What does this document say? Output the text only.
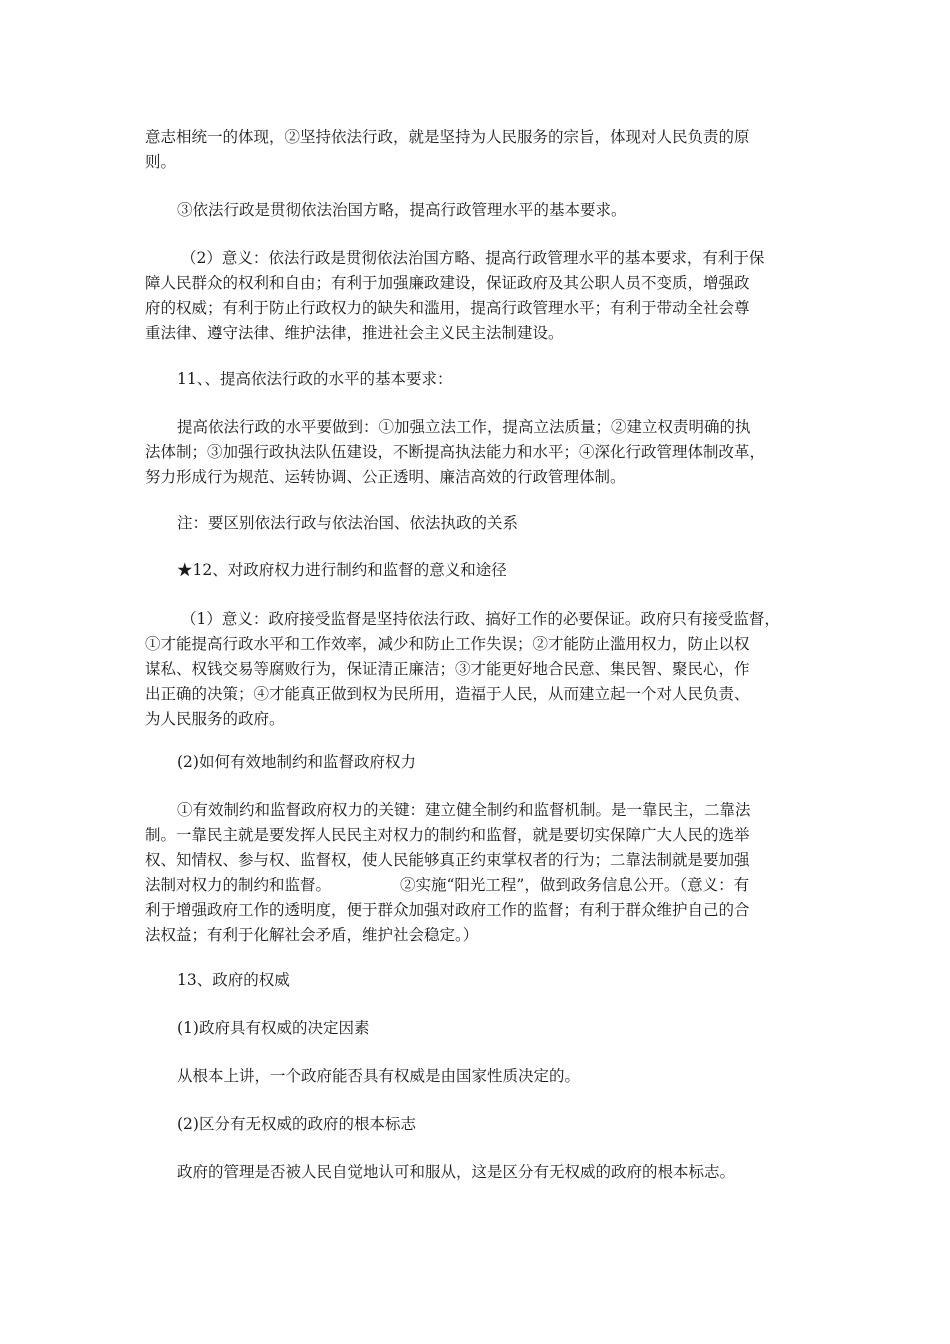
意志相统一的体现，②坚持依法行政，就是坚持为人民服务的宗旨，体现对人民负责的原
则。
③依法行政是贯彻依法治国方略，提高行政管理水平的基本要求。
（2）意义：依法行政是贯彻依法治国方略、提高行政管理水平的基本要求，有利于保
障人民群众的权利和自由；有利于加强廉政建设，保证政府及其公职人员不变质，增强政
府的权威；有利于防止行政权力的缺失和滥用，提高行政管理水平；有利于带动全社会尊
重法律、遵守法律、维护法律，推进社会主义民主法制建设。
11、、提高依法行政的水平的基本要求：
提高依法行政的水平要做到：①加强立法工作，提高立法质量；②建立权责明确的执
法体制；③加强行政执法队伍建设，不断提高执法能力和水平；④深化行政管理体制改革，
努力形成行为规范、运转协调、公正透明、廉洁高效的行政管理体制。
注：要区别依法行政与依法治国、依法执政的关系
★12、对政府权力进行制约和监督的意义和途径
（1）意义：政府接受监督是坚持依法行政、搞好工作的必要保证。政府只有接受监督，
①才能提高行政水平和工作效率，减少和防止工作失误；②才能防止滥用权力，防止以权
谋私、权钱交易等腐败行为，保证清正廉洁；③才能更好地合民意、集民智、聚民心，作
出正确的决策；④才能真正做到权为民所用，造福于人民，从而建立起一个对人民负责、
为人民服务的政府。
(2)如何有效地制约和监督政府权力
①有效制约和监督政府权力的关键：建立健全制约和监督机制。是一靠民主，二靠法
制。一靠民主就是要发挥人民民主对权力的制约和监督，就是要切实保障广大人民的选举
权、知情权、参与权、监督权，使人民能够真正约束掌权者的行为；二靠法制就是要加强
法制对权力的制约和监督。              ②实施“阳光工程”，做到政务信息公开。（意义：有
利于增强政府工作的透明度，便于群众加强对政府工作的监督；有利于群众维护自己的合
法权益；有利于化解社会矛盾，维护社会稳定。）
13、政府的权威
(1)政府具有权威的决定因素
从根本上讲，一个政府能否具有权威是由国家性质决定的。
(2)区分有无权威的政府的根本标志
政府的管理是否被人民自觉地认可和服从，这是区分有无权威的政府的根本标志。
